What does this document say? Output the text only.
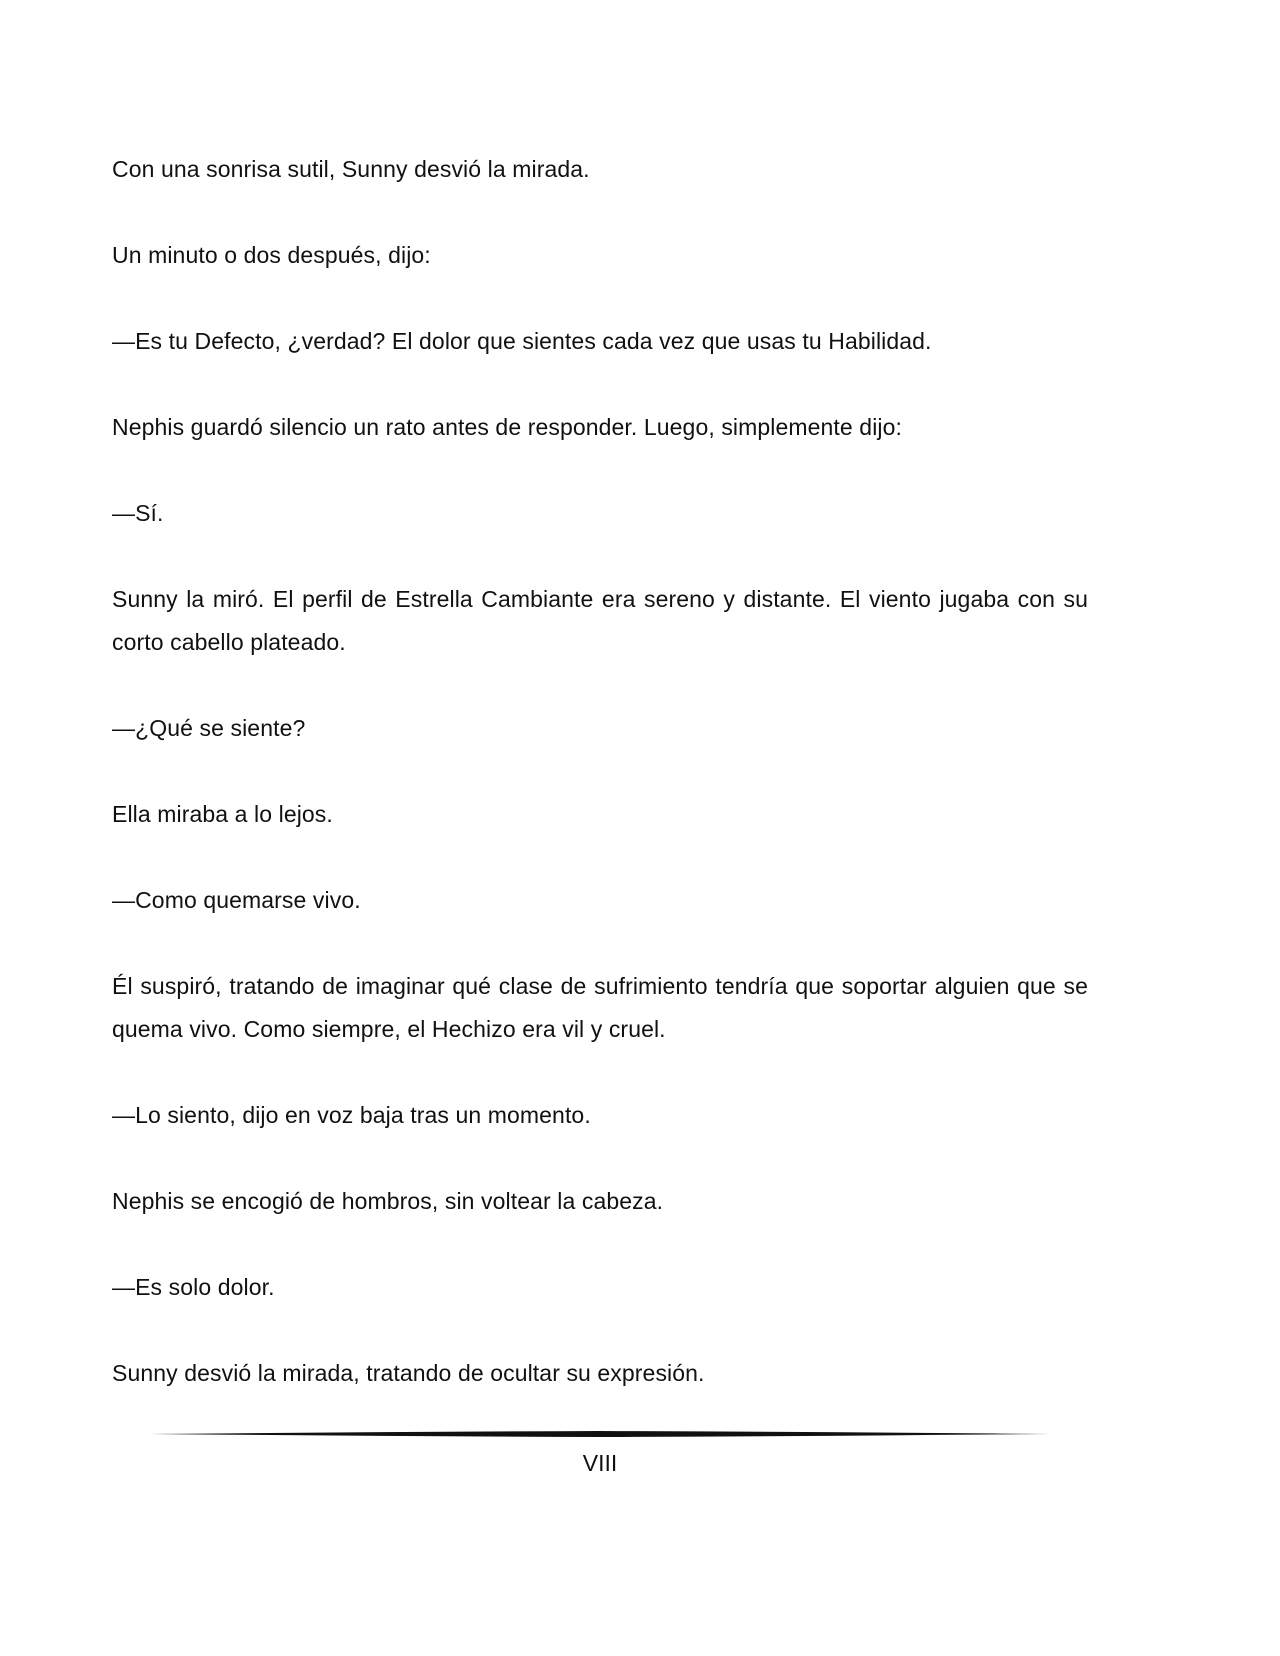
Con una sonrisa sutil, Sunny desvió la mirada.

Un minuto o dos después, dijo:

—Es tu Defecto, ¿verdad? El dolor que sientes cada vez que usas tu Habilidad.

Nephis guardó silencio un rato antes de responder. Luego, simplemente dijo:

—Sí.

Sunny la miró. El perfil de Estrella Cambiante era sereno y distante. El viento jugaba con su corto cabello plateado.

—¿Qué se siente?

Ella miraba a lo lejos.

—Como quemarse vivo.

Él suspiró, tratando de imaginar qué clase de sufrimiento tendría que soportar alguien que se quema vivo. Como siempre, el Hechizo era vil y cruel.

—Lo siento, dijo en voz baja tras un momento.

Nephis se encogió de hombros, sin voltear la cabeza.

—Es solo dolor.

Sunny desvió la mirada, tratando de ocultar su expresión.

VIII
